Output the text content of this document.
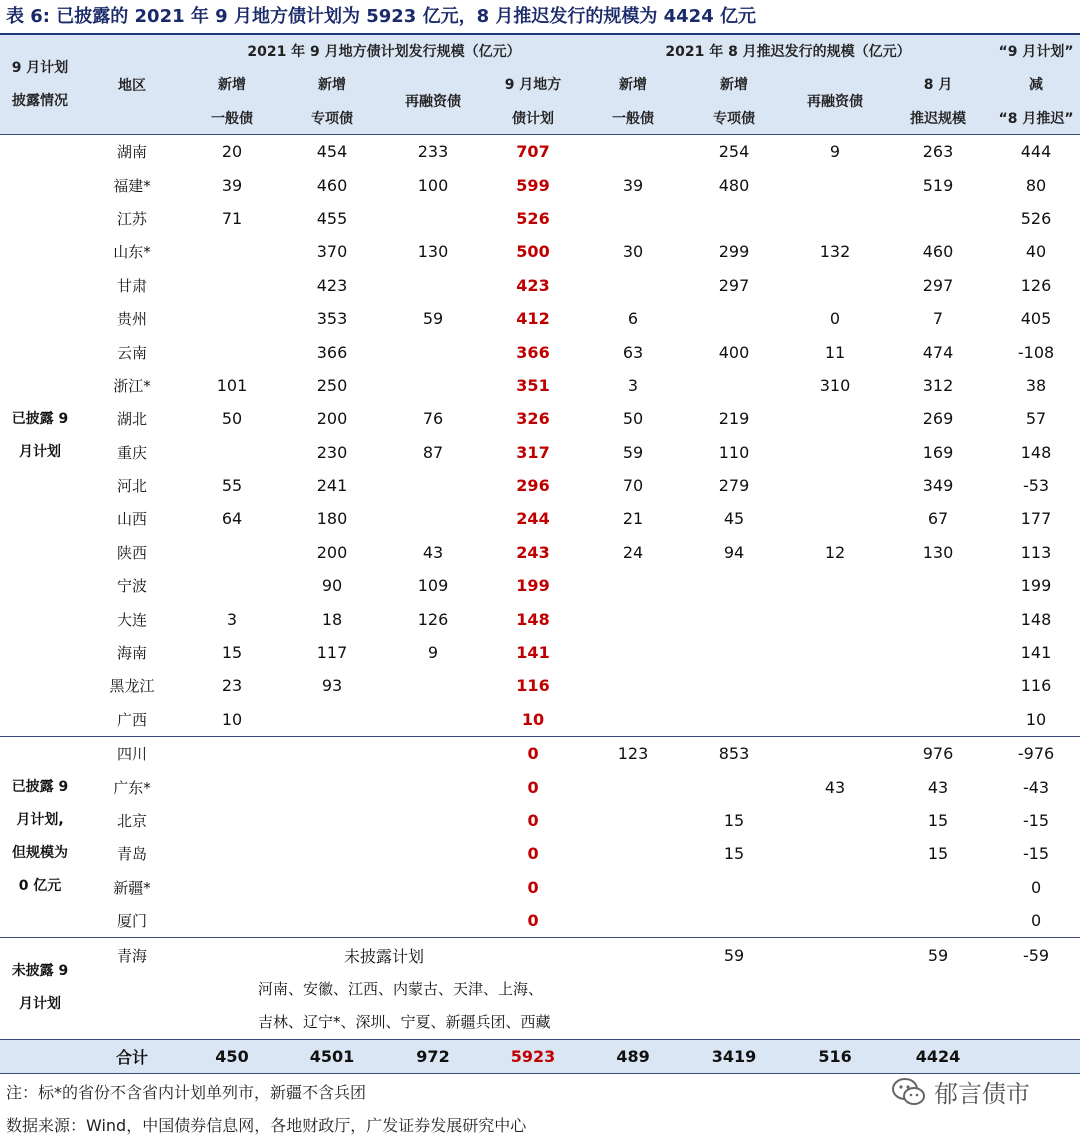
表 6: 已披露的 2021 年 9 月地方债计划为 5923 亿元，8 月推迟发行的规模为 4424 亿元
9 月计划
披露情况	地区	2021 年 9 月地方债计划发行规模（亿元）				2021 年 8 月推迟发行的规模（亿元）				“9 月计划”
		新增	新增	再融资债	9 月地方	新增	新增	再融资债	8 月	减
		一般债	专项债		债计划	一般债	专项债		推迟规模	“8 月推迟”

已披露 9
月计划	湖南	20	454	233	707		254	9	263	444
	福建*	39	460	100	599	39	480		519	80
	江苏	71	455		526					526
	山东*		370	130	500	30	299	132	460	40
	甘肃		423		423		297		297	126
	贵州		353	59	412	6		0	7	405
	云南		366		366	63	400	11	474	-108
	浙江*	101	250		351	3		310	312	38
	湖北	50	200	76	326	50	219		269	57
	重庆		230	87	317	59	110		169	148
	河北	55	241		296	70	279		349	-53
	山西	64	180		244	21	45		67	177
	陕西		200	43	243	24	94	12	130	113
	宁波		90	109	199					199
	大连	3	18	126	148					148
	海南	15	117	9	141					141
	黑龙江	23	93		116					116
	广西	10			10					10

已披露 9
月计划,
但规模为
0 亿元	四川				0	123	853		976	-976
	广东*				0			43	43	-43
	北京				0		15		15	-15
	青岛				0		15		15	-15
	新疆*				0					0
	厦门				0					0

未披露 9
月计划	青海	未披露计划					59		59	-59
	河南、安徽、江西、内蒙古、天津、上海、									
	吉林、辽宁*、深圳、宁夏、新疆兵团、西藏									
	合计	450	4501	972	5923	489	3419	516	4424	
注：标*的省份不含省内计划单列市，新疆不含兵团
数据来源：Wind，中国债券信息网，各地财政厅，广发证券发展研究中心
郁言债市
